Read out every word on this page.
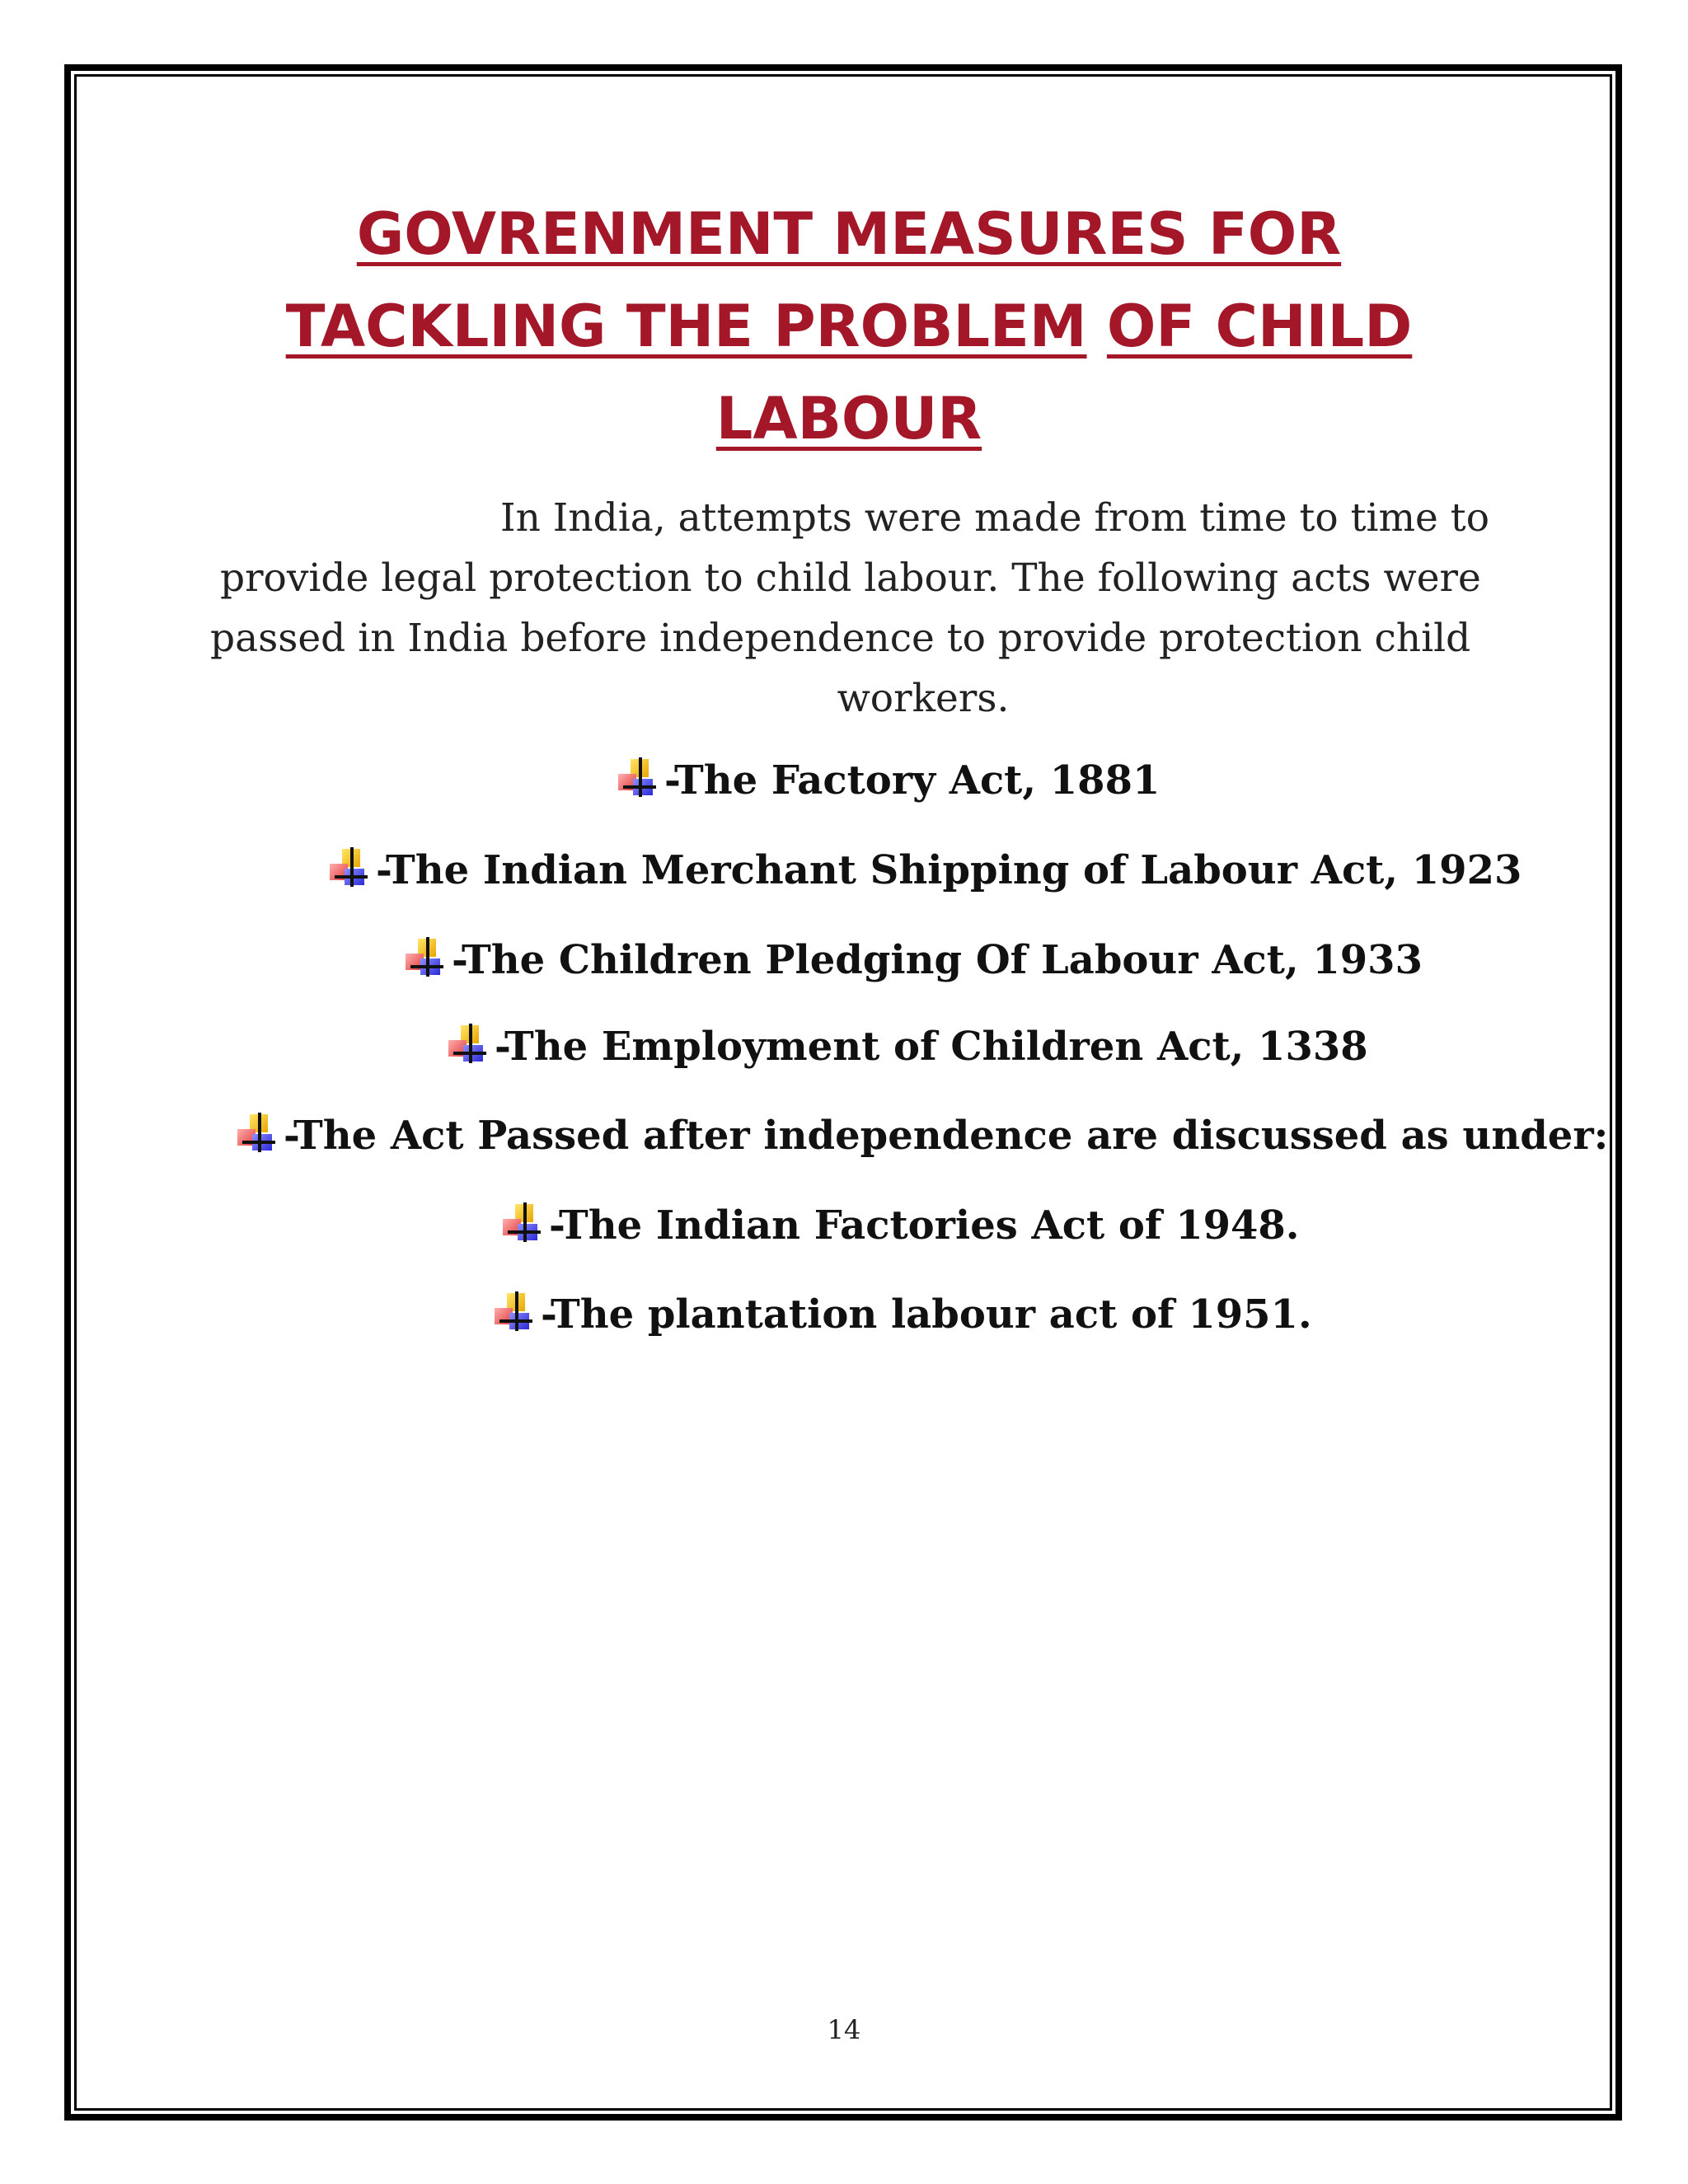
GOVRENMENT MEASURES FOR
TACKLING THE PROBLEM OF CHILD
LABOUR

In India, attempts were made from time to time to
provide legal protection to child labour. The following acts were
passed in India before independence to provide protection child
workers.

-The Factory Act, 1881
-The Indian Merchant Shipping of Labour Act, 1923
-The Children Pledging Of Labour Act, 1933
-The Employment of Children Act, 1338
-The Act Passed after independence are discussed as under:
-The Indian Factories Act of 1948.
-The plantation labour act of 1951.
14
